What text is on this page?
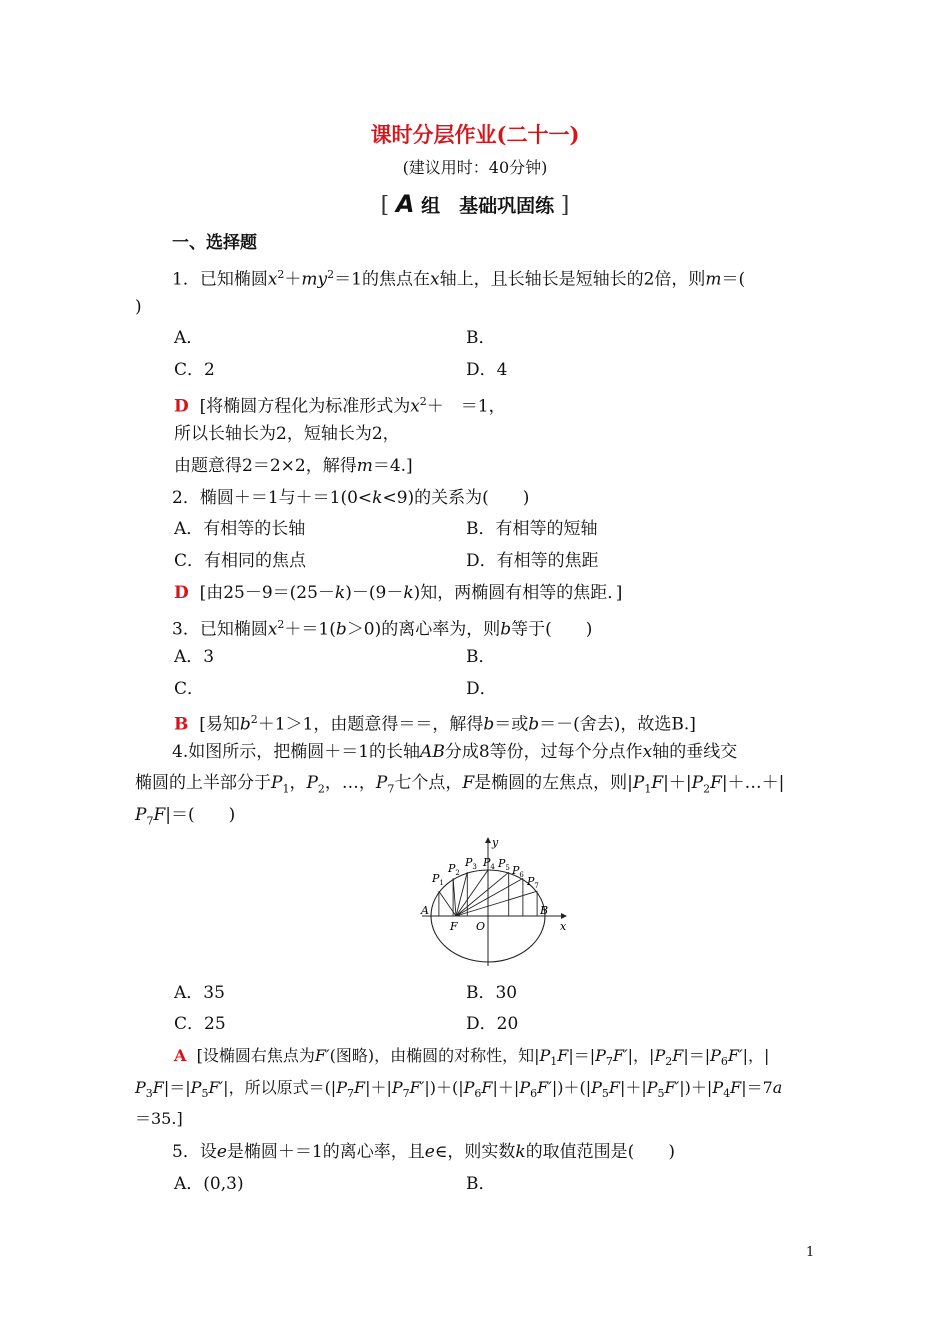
课时分层作业(二十一)
(建议用时：40分钟)
[ A 组　基础巩固练 ]
一、选择题
1．已知椭圆$x^2+my^2=1$的焦点在x轴上，且长轴长是短轴长的2倍，则m＝(
)
A．	B．
C．2	D．4
D [将椭圆方程化为标准形式为$x^2+$　＝1，
所以长轴长为2，短轴长为2，
由题意得2＝2×2，解得m＝4.]
2．椭圆＋＝1与＋＝1(0<k<9)的关系为(　　)
A．有相等的长轴	B．有相等的短轴
C．有相同的焦点	D．有相等的焦距
D [由25－9＝(25－k)－(9－k)知，两椭圆有相等的焦距．]
3．已知椭圆$x^2+=1(b>0)$的离心率为，则b等于(　　)
A．3	B．
C．	D．
B [易知$b^2+1>1$，由题意得＝＝，解得b＝或b＝－(舍去)，故选B.]
4.如图所示，把椭圆＋＝1的长轴AB分成8等份，过每个分点作x轴的垂线交
椭圆的上半部分于$P_1$，$P_2$，…，$P_7$七个点，F是椭圆的左焦点，则$|P_1F|+|P_2F|+\dots+|$
$P_7F|=$(　　)
y
x
A	B
F O
$P_1$
$P_2$
$P_3$ $P_4$ $P_5$ $P_6$ $P_7$
A．35	B．30
C．25	D．20
A [设椭圆右焦点为F′(图略)，由椭圆的对称性，知$|P_1F|=|P_7F'|$，$|P_2F|=|P_6F'|$，|
$P_3F|=|P_5F'|$，所以原式$=(|P_7F|+|P_7F'|)+(|P_6F|+|P_6F'|)+(|P_5F|+|P_5F'|)+|P_4F|=7a$
＝35.]
5．设e是椭圆＋＝1的离心率，且e∈，则实数k的取值范围是(　　)
A．(0,3)	B．
1
